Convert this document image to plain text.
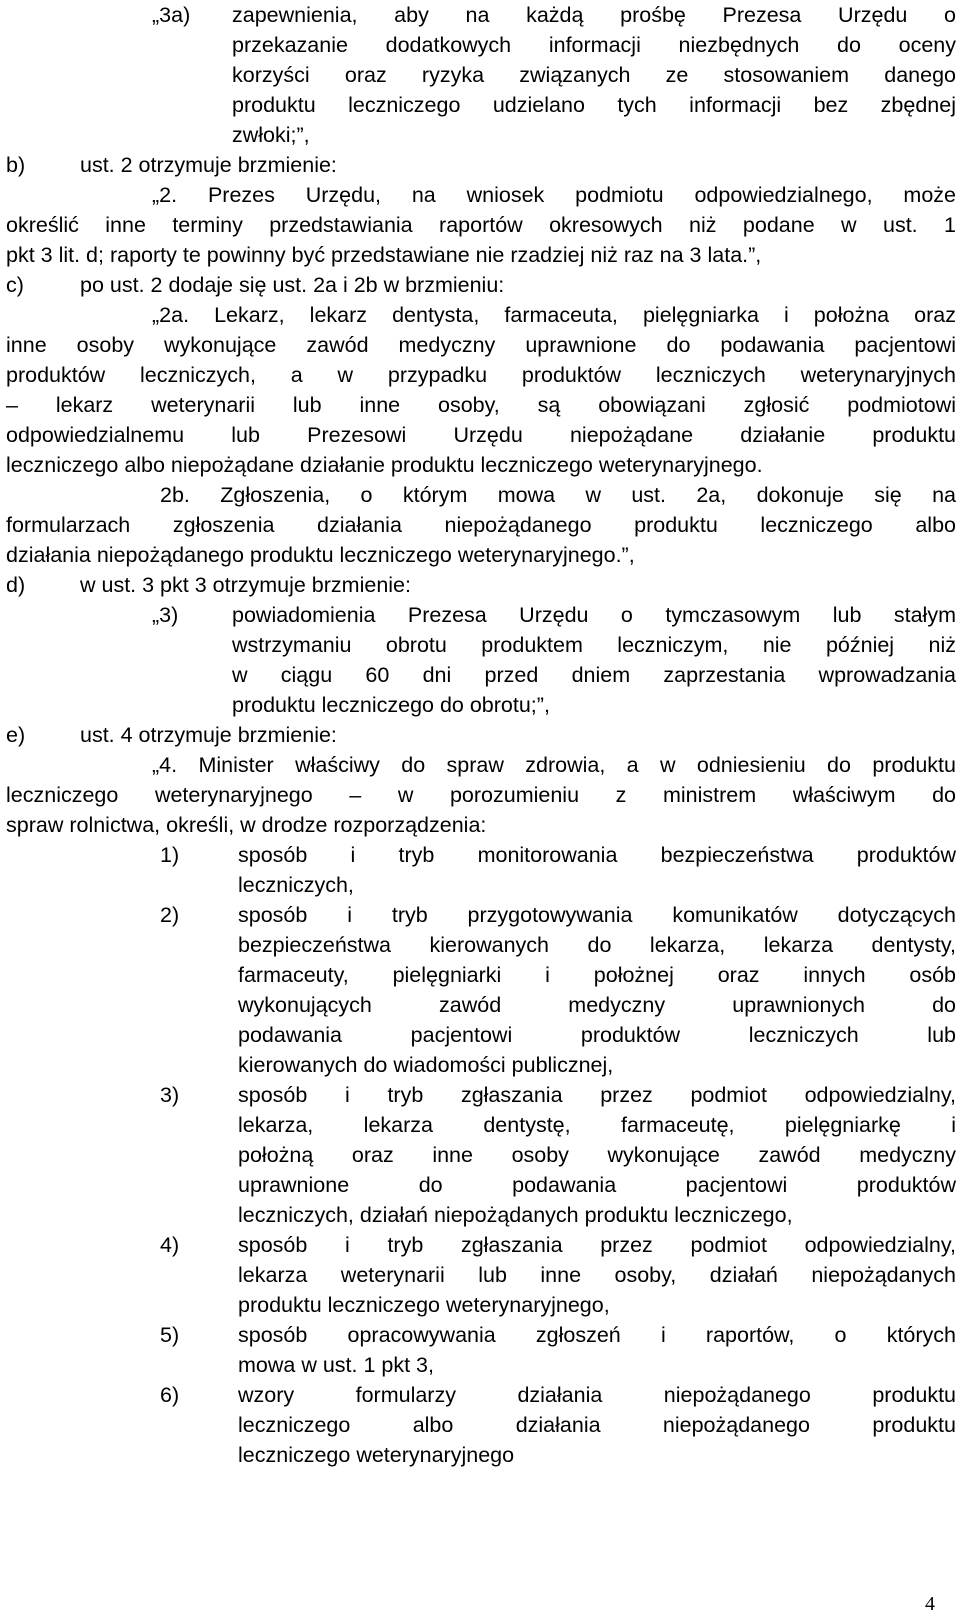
„3a)
b)
c)
d)
„3)
e)
1)
2)
3)
4)
5)
6)
zapewnienia, aby na każdą prośbę Prezesa Urzędu o
przekazanie dodatkowych informacji niezbędnych do oceny
korzyści oraz ryzyka związanych ze stosowaniem danego
produktu leczniczego udzielano tych informacji bez zbędnej
zwłoki;”,
ust. 2 otrzymuje brzmienie:
„2. Prezes Urzędu, na wniosek podmiotu odpowiedzialnego, może
określić inne terminy przedstawiania raportów okresowych niż podane w ust. 1
pkt 3 lit. d; raporty te powinny być przedstawiane nie rzadziej niż raz na 3 lata.”,
po ust. 2 dodaje się ust. 2a i 2b w brzmieniu:
„2a. Lekarz, lekarz dentysta, farmaceuta, pielęgniarka i położna oraz
inne osoby wykonujące zawód medyczny uprawnione do podawania pacjentowi
produktów leczniczych, a w przypadku produktów leczniczych weterynaryjnych
– lekarz weterynarii lub inne osoby, są obowiązani zgłosić podmiotowi
odpowiedzialnemu lub Prezesowi Urzędu niepożądane działanie produktu
leczniczego albo niepożądane działanie produktu leczniczego weterynaryjnego.
2b. Zgłoszenia, o którym mowa w ust. 2a, dokonuje się na
formularzach zgłoszenia działania niepożądanego produktu leczniczego albo
działania niepożądanego produktu leczniczego weterynaryjnego.”,
w ust. 3 pkt 3 otrzymuje brzmienie:
powiadomienia Prezesa Urzędu o tymczasowym lub stałym
wstrzymaniu obrotu produktem leczniczym, nie później niż
w ciągu 60 dni przed dniem zaprzestania wprowadzania
produktu leczniczego do obrotu;”,
ust. 4 otrzymuje brzmienie:
„4. Minister właściwy do spraw zdrowia, a w odniesieniu do produktu
leczniczego weterynaryjnego – w porozumieniu z ministrem właściwym do
spraw rolnictwa, określi, w drodze rozporządzenia:
sposób i tryb monitorowania bezpieczeństwa produktów
leczniczych,
sposób i tryb przygotowywania komunikatów dotyczących
bezpieczeństwa kierowanych do lekarza, lekarza dentysty,
farmaceuty, pielęgniarki i położnej oraz innych osób
wykonujących zawód medyczny uprawnionych do
podawania pacjentowi produktów leczniczych lub
kierowanych do wiadomości publicznej,
sposób i tryb zgłaszania przez podmiot odpowiedzialny,
lekarza, lekarza dentystę, farmaceutę, pielęgniarkę i
położną oraz inne osoby wykonujące zawód medyczny
uprawnione do podawania pacjentowi produktów
leczniczych, działań niepożądanych produktu leczniczego,
sposób i tryb zgłaszania przez podmiot odpowiedzialny,
lekarza weterynarii lub inne osoby, działań niepożądanych
produktu leczniczego weterynaryjnego,
sposób opracowywania zgłoszeń i raportów, o których
mowa w ust. 1 pkt 3,
wzory formularzy działania niepożądanego produktu
leczniczego albo działania niepożądanego produktu
leczniczego weterynaryjnego
4
